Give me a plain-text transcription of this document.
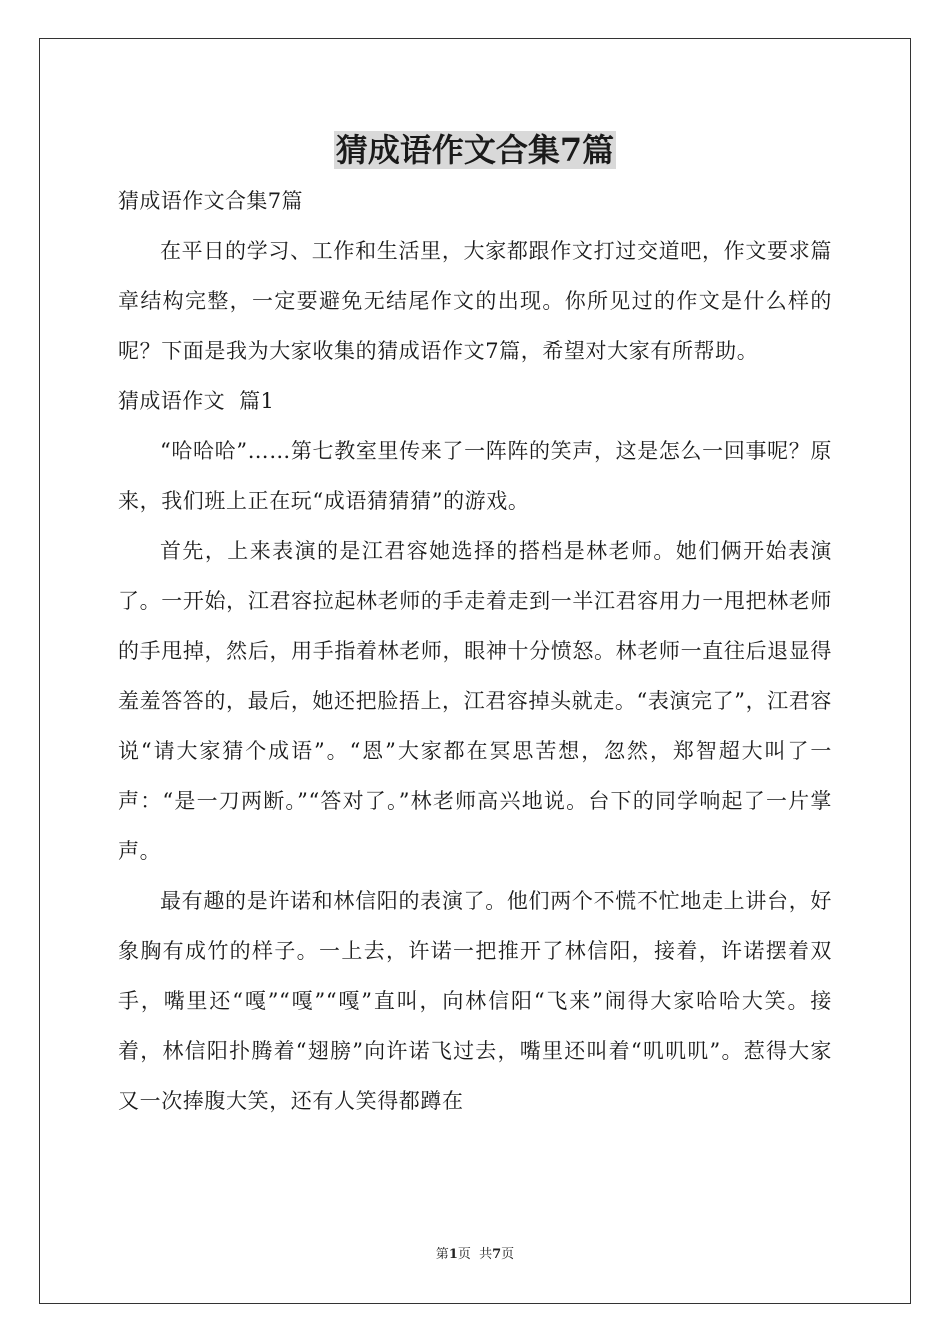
猜成语作文合集7篇

猜成语作文合集7篇

在平日的学习、工作和生活里，大家都跟作文打过交道吧，作文要求篇章结构完整，一定要避免无结尾作文的出现。你所见过的作文是什么样的呢？下面是我为大家收集的猜成语作文7篇，希望对大家有所帮助。

猜成语作文  篇1

“哈哈哈”……第七教室里传来了一阵阵的笑声，这是怎么一回事呢？原来，我们班上正在玩“成语猜猜猜”的游戏。

首先，上来表演的是江君容她选择的搭档是林老师。她们俩开始表演了。一开始，江君容拉起林老师的手走着走到一半江君容用力一甩把林老师的手甩掉，然后，用手指着林老师，眼神十分愤怒。林老师一直往后退显得羞羞答答的，最后，她还把脸捂上，江君容掉头就走。“表演完了”，江君容说“请大家猜个成语”。“恩”大家都在冥思苦想，忽然，郑智超大叫了一声：“是一刀两断。”“答对了。”林老师高兴地说。台下的同学响起了一片掌声。

最有趣的是许诺和林信阳的表演了。他们两个不慌不忙地走上讲台，好象胸有成竹的样子。一上去，许诺一把推开了林信阳，接着，许诺摆着双手，嘴里还“嘎”“嘎”“嘎”直叫，向林信阳“飞来”闹得大家哈哈大笑。接着，林信阳扑腾着“翅膀”向许诺飞过去，嘴里还叫着“叽叽叽”。惹得大家又一次捧腹大笑，还有人笑得都蹲在

第1页  共7页
